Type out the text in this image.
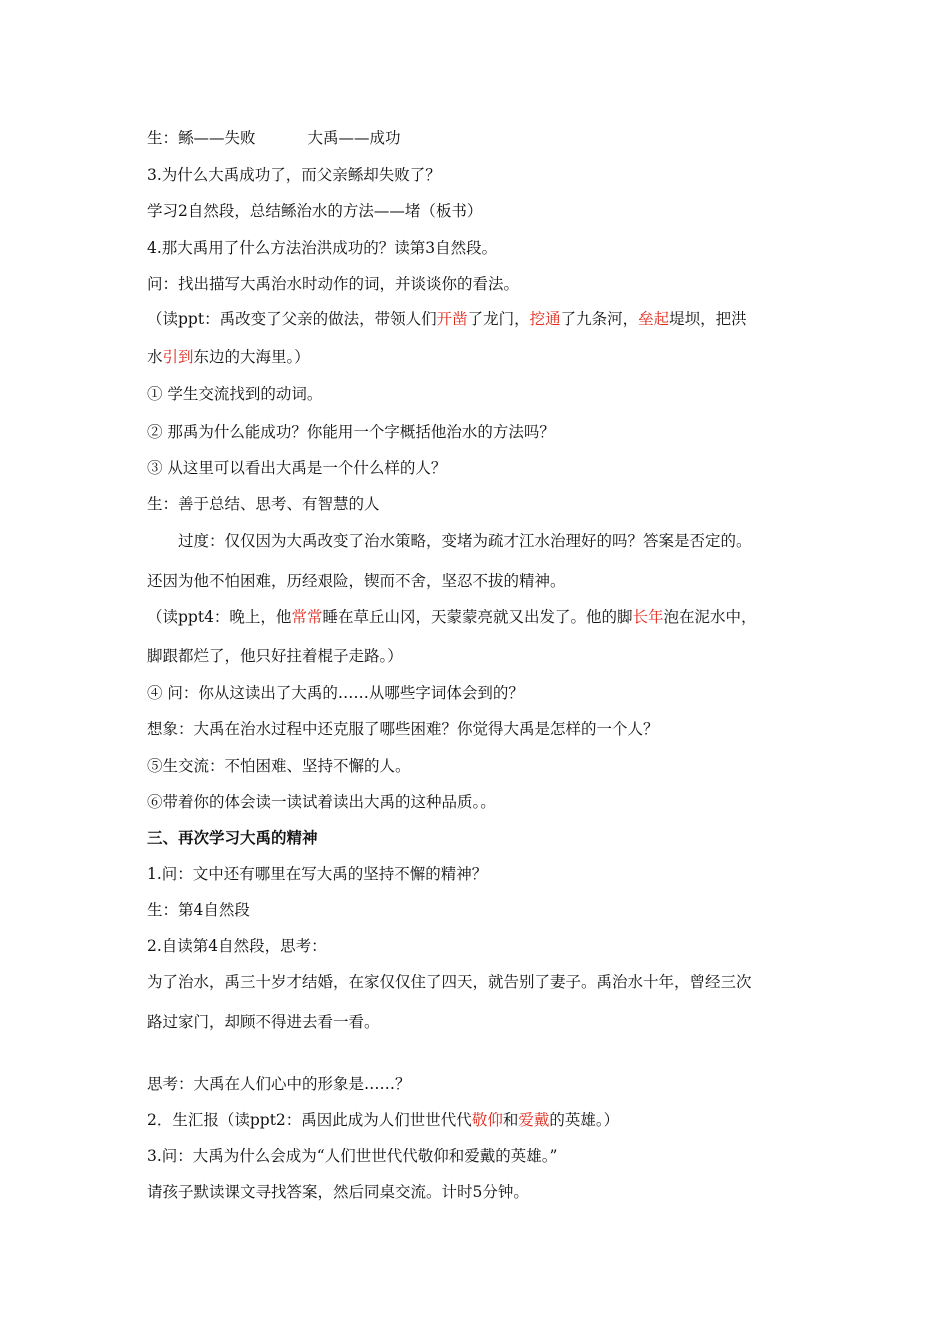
生：鲧——失败	大禹——成功
3.为什么大禹成功了，而父亲鲧却失败了？
学习2自然段，总结鲧治水的方法——堵（板书）
4.那大禹用了什么方法治洪成功的？读第3自然段。
问：找出描写大禹治水时动作的词，并谈谈你的看法。
（读ppt：禹改变了父亲的做法，带领人们开凿了龙门，挖通了九条河，垒起堤坝，把洪
水引到东边的大海里。）
① 学生交流找到的动词。
② 那禹为什么能成功？你能用一个字概括他治水的方法吗？
③ 从这里可以看出大禹是一个什么样的人？
生：善于总结、思考、有智慧的人
过度：仅仅因为大禹改变了治水策略，变堵为疏才江水治理好的吗？答案是否定的。
还因为他不怕困难，历经艰险，锲而不舍，坚忍不拔的精神。
（读ppt4：晚上，他常常睡在草丘山冈，天蒙蒙亮就又出发了。他的脚长年泡在泥水中，
脚跟都烂了，他只好拄着棍子走路。）
④ 问：你从这读出了大禹的……从哪些字词体会到的？
想象：大禹在治水过程中还克服了哪些困难？你觉得大禹是怎样的一个人？
⑤生交流：不怕困难、坚持不懈的人。
⑥带着你的体会读一读试着读出大禹的这种品质。。
三、再次学习大禹的精神
1.问：文中还有哪里在写大禹的坚持不懈的精神？
生：第4自然段
2.自读第4自然段，思考：
为了治水，禹三十岁才结婚，在家仅仅住了四天，就告别了妻子。禹治水十年，曾经三次
路过家门，却顾不得进去看一看。
思考：大禹在人们心中的形象是……？
2．生汇报（读ppt2：禹因此成为人们世世代代敬仰和爱戴的英雄。）
3.问：大禹为什么会成为“人们世世代代敬仰和爱戴的英雄。”
请孩子默读课文寻找答案，然后同桌交流。计时5分钟。
